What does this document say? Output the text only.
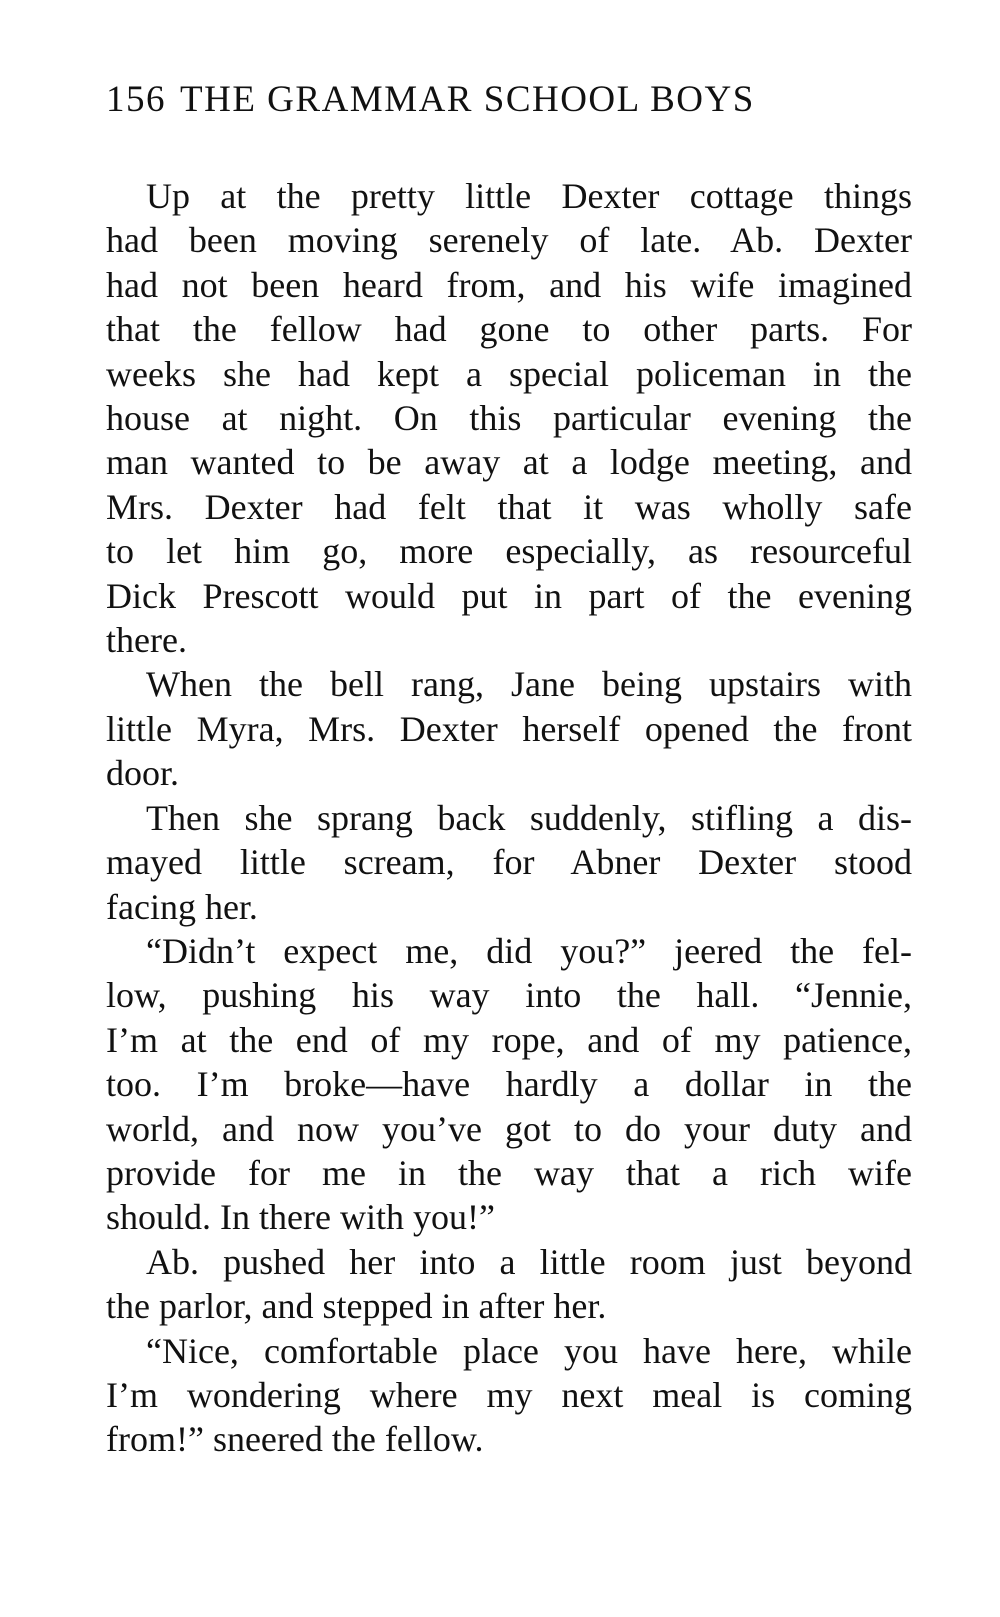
156 THE GRAMMAR SCHOOL BOYS

Up at the pretty little Dexter cottage things
had been moving serenely of late. Ab. Dexter
had not been heard from, and his wife imagined
that the fellow had gone to other parts. For
weeks she had kept a special policeman in the
house at night. On this particular evening the
man wanted to be away at a lodge meeting, and
Mrs. Dexter had felt that it was wholly safe
to let him go, more especially, as resourceful
Dick Prescott would put in part of the evening
there.

When the bell rang, Jane being upstairs with
little Myra, Mrs. Dexter herself opened the front
door.

Then she sprang back suddenly, stifling a dis-
mayed little scream, for Abner Dexter stood
facing her.

“Didn’t expect me, did you?” jeered the fel-
low, pushing his way into the hall. “Jennie,
I’m at the end of my rope, and of my patience,
too. I’m broke—have hardly a dollar in the
world, and now you’ve got to do your duty and
provide for me in the way that a rich wife
should. In there with you!”

Ab. pushed her into a little room just beyond
the parlor, and stepped in after her.

“Nice, comfortable place you have here, while
I’m wondering where my next meal is coming
from!” sneered the fellow.
